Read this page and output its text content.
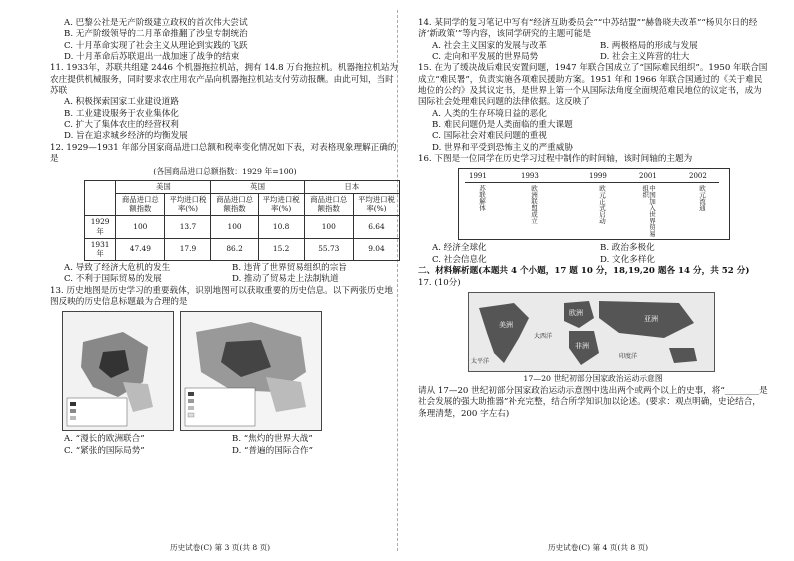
A. 巴黎公社是无产阶级建立政权的首次伟大尝试

B. 无产阶级领导的二月革命推翻了沙皇专制统治

C. 十月革命实现了社会主义从理论到实践的飞跃

D. 十月革命后苏联退出一战加速了战争的结束

11. 1933年，苏联共组建 2446 个机器拖拉机站，拥有 14.8 万台拖拉机。机器拖拉机站为农庄提供机械服务，同时要求农庄用农产品向机器拖拉机站支付劳动报酬。由此可知，当时苏联

A. 积极探索国家工业建设道路

B. 工业建设服务于农业集体化

C. 扩大了集体农庄的经营权利

D. 旨在追求城乡经济的均衡发展

12. 1929—1931 年部分国家商品进口总额和税率变化情况如下表，对表格现象理解正确的是

(各国商品进口总额指数：1929 年=100)

	美国		英国		日本	
	商品进口总额指数	平均进口税率(%)	商品进口总额指数	平均进口税率(%)	商品进口总额指数	平均进口税率(%)
1929 年	100	13.7	100	10.8	100	6.64
1931 年	47.49	17.9	86.2	15.2	55.73	9.04
A. 导致了经济大危机的发生	B. 违背了世界贸易组织的宗旨
C. 不利于国际贸易的发展	D. 推动了贸易走上法制轨道

13. 历史地图是历史学习的重要载体，识别地图可以获取重要的历史信息。以下两张历史地图反映的历史信息标题最为合理的是

A. “漫长的欧洲联合”	B. “焦灼的世界大战”
C. “紧张的国际局势”	D. “普遍的国际合作”

历史试卷(C) 第 3 页(共 8 页)

14. 某同学的复习笔记中写有“经济互助委员会”“中苏结盟”“赫鲁晓夫改革”“杨贝尔日的经济‘新政策’”等内容，该同学研究的主题可能是

A. 社会主义国家的发展与改革	B. 两极格局的形成与发展
C. 走向和平发展的世界局势	D. 社会主义阵营的壮大

15. 在为了缓决战后难民安置问题，1947 年联合国成立了“国际难民组织”。1950 年联合国成立“难民署”，负责实施各项难民援助方案。1951 年和 1966 年联合国通过的《关于难民地位的公约》及其议定书，是世界上第一个从国际法角度全面规范难民地位的议定书，成为国际社会处理难民问题的法律依据。这反映了

A. 人类的生存环境日益的恶化

B. 难民问题仍是人类面临的重大课题

C. 国际社会对难民问题的重视

D. 世界和平受到恐怖主义的严重威胁

16. 下图是一位同学在历史学习过程中制作的时间轴，该时间轴的主题为

1991	1993	1999	2001	2002
苏联解体	欧洲联盟成立	欧元正式启动	中国加入世界贸易组织	欧元流通
A. 经济全球化	B. 政治多极化
C. 社会信息化	D. 文化多样化

二、材料解析题(本题共 4 个小题，17 题 10 分，18,19,20 题各 14 分，共 52 分)

17. (10分)

美洲
非洲
亚洲
欧洲
大西洋
太平洋
印度洋

17—20 世纪初部分国家政治运动示意图

请从 17—20 世纪初部分国家政治运动示意图中选出两个或两个以上的史事，将“________是社会发展的强大助推器”补充完整，结合所学知识加以论述。(要求：观点明确，史论结合，条理清楚，200 字左右)

历史试卷(C) 第 4 页(共 8 页)
